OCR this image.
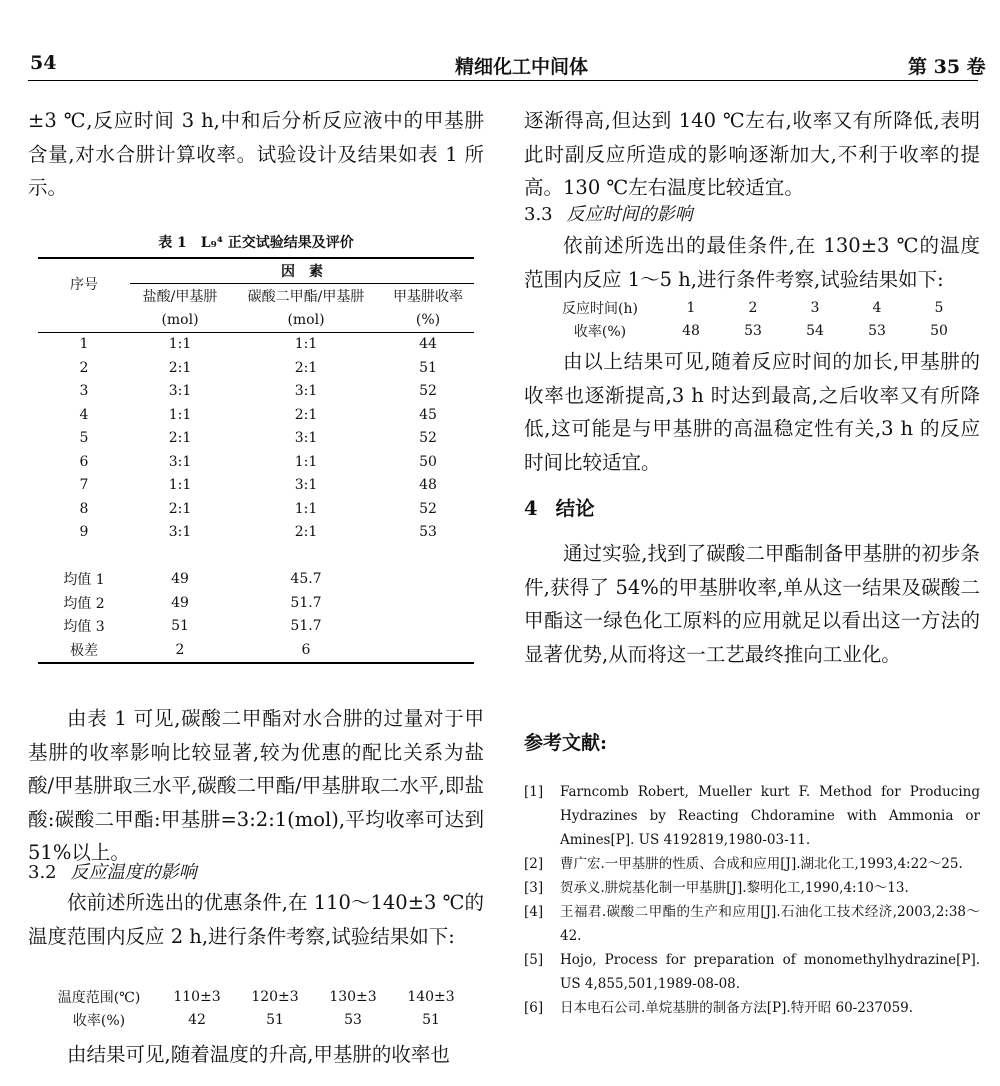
54	精细化工中间体	第 35 卷

±3 ℃,反应时间 3 h,中和后分析反应液中的甲基肼含量,对水合肼计算收率。试验设计及结果如表 1 所示。

表 1　L₉⁴ 正交试验结果及评价
序号	因　素		
	盐酸/甲基肼	碳酸二甲酯/甲基肼	甲基肼收率
	(mol)	(mol)	(%)
1	1:1	1:1	44
2	2:1	2:1	51
3	3:1	3:1	52
4	1:1	2:1	45
5	2:1	3:1	52
6	3:1	1:1	50
7	1:1	3:1	48
8	2:1	1:1	52
9	3:1	2:1	53

均值 1	49	45.7	
均值 2	49	51.7	
均值 3	51	51.7	
极差	2	6	

由表 1 可见,碳酸二甲酯对水合肼的过量对于甲基肼的收率影响比较显著,较为优惠的配比关系为盐酸/甲基肼取三水平,碳酸二甲酯/甲基肼取二水平,即盐酸:碳酸二甲酯:甲基肼=3:2:1(mol),平均收率可达到 51%以上。

3.2 反应温度的影响

依前述所选出的优惠条件,在 110～140±3 ℃的温度范围内反应 2 h,进行条件考察,试验结果如下:

温度范围(℃)	110±3	120±3	130±3	140±3
收率(%)	42	51	53	51

由结果可见,随着温度的升高,甲基肼的收率也

逐渐得高,但达到 140 ℃左右,收率又有所降低,表明此时副反应所造成的影响逐渐加大,不利于收率的提高。130 ℃左右温度比较适宜。

3.3 反应时间的影响

依前述所选出的最佳条件,在 130±3 ℃的温度范围内反应 1～5 h,进行条件考察,试验结果如下:

反应时间(h)	1	2	3	4	5
收率(%)	48	53	54	53	50

由以上结果可见,随着反应时间的加长,甲基肼的收率也逐渐提高,3 h 时达到最高,之后收率又有所降低,这可能是与甲基肼的高温稳定性有关,3 h 的反应时间比较适宜。

4 结论

通过实验,找到了碳酸二甲酯制备甲基肼的初步条件,获得了 54%的甲基肼收率,单从这一结果及碳酸二甲酯这一绿色化工原料的应用就足以看出这一方法的显著优势,从而将这一工艺最终推向工业化。

参考文献:
[1]	Farncomb Robert, Mueller kurt F. Method for Producing Hydrazines by Reacting Chdoramine with Ammonia or Amines[P]. US 4192819,1980-03-11.
[2]	曹广宏.一甲基肼的性质、合成和应用[J].湖北化工,1993,4:22～25.
[3]	贺承义.肼烷基化制一甲基肼[J].黎明化工,1990,4:10～13.
[4]	王福君.碳酸二甲酯的生产和应用[J].石油化工技术经济,2003,2:38～42.
[5]	Hojo, Process for preparation of monomethylhydrazine[P]. US 4,855,501,1989-08-08.
[6]	日本电石公司.单烷基肼的制备方法[P].特开昭 60-237059.
